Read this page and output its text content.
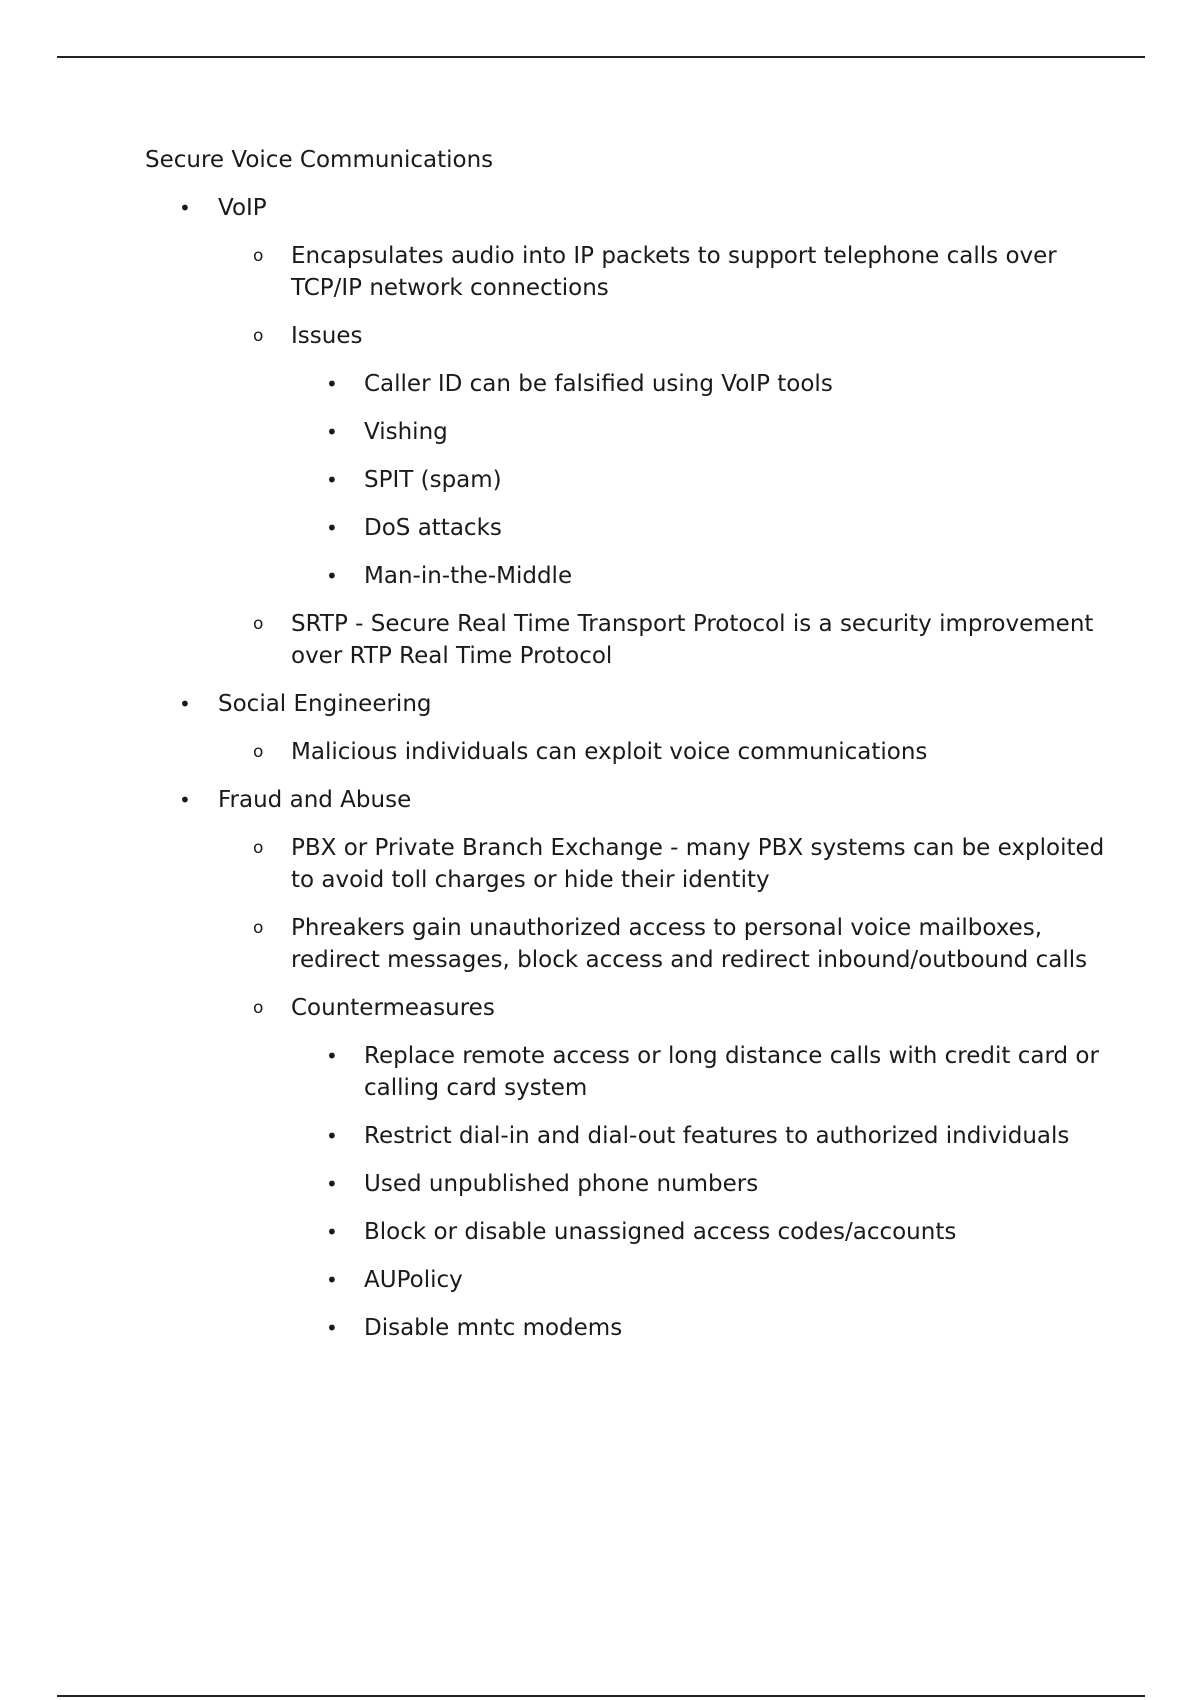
Secure Voice Communications
•	VoIP
o	Encapsulates audio into IP packets to support telephone calls over TCP/IP network connections
o	Issues
•	Caller ID can be falsified using VoIP tools
•	Vishing
•	SPIT (spam)
•	DoS attacks
•	Man-in-the-Middle
o	SRTP - Secure Real Time Transport Protocol is a security improvement over RTP Real Time Protocol
•	Social Engineering
o	Malicious individuals can exploit voice communications
•	Fraud and Abuse
o	PBX or Private Branch Exchange - many PBX systems can be exploited to avoid toll charges or hide their identity
o	Phreakers gain unauthorized access to personal voice mailboxes, redirect messages, block access and redirect inbound/outbound calls
o	Countermeasures
•	Replace remote access or long distance calls with credit card or calling card system
•	Restrict dial-in and dial-out features to authorized individuals
•	Used unpublished phone numbers
•	Block or disable unassigned access codes/accounts
•	AUPolicy
•	Disable mntc modems
